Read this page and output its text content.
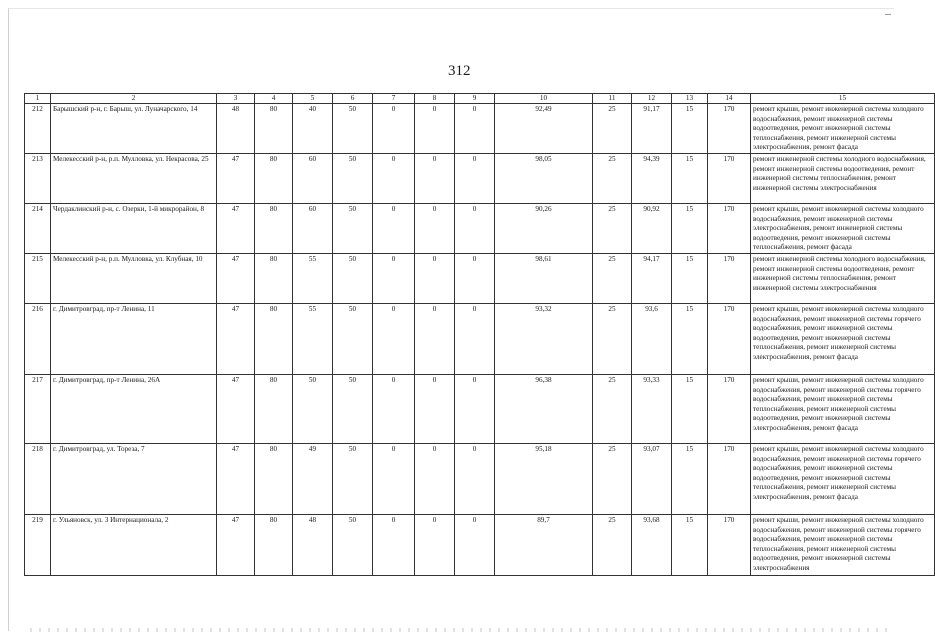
312
1	2	3	4	5	6	7	8	9	10	11	12	13	14	15
212	Барышский р-н, г. Барыш, ул. Луначарского, 14	48	80	40	50	0	0	0	92,49	25	91,17	15	170	ремонт крыши, ремонт инженерной системы холодного водоснабжения, ремонт инженерной системы водоотведения, ремонт инженерной системы теплоснабжения, ремонт инженерной системы электроснабжения, ремонт фасада
213	Мелекесский р-н, р.п. Мулловка, ул. Некрасова, 25	47	80	60	50	0	0	0	98,05	25	94,39	15	170	ремонт инженерной системы холодного водоснабжения, ремонт инженерной системы водоотведения, ремонт инженерной системы теплоснабжения, ремонт инженерной системы электроснабжения
214	Чердаклинский р-н, с. Озерки, 1-й микрорайон, 8	47	80	60	50	0	0	0	90,26	25	90,92	15	170	ремонт крыши, ремонт инженерной системы холодного водоснабжения, ремонт инженерной системы электроснабжения, ремонт инженерной системы водоотведения, ремонт инженерной системы теплоснабжения, ремонт фасада
215	Мелекесский р-н, р.п. Мулловка, ул. Клубная, 10	47	80	55	50	0	0	0	98,61	25	94,17	15	170	ремонт инженерной системы холодного водоснабжения, ремонт инженерной системы водоотведения, ремонт инженерной системы теплоснабжения, ремонт инженерной системы электроснабжения
216	г. Димитровград, пр-т Ленина, 11	47	80	55	50	0	0	0	93,32	25	93,6	15	170	ремонт крыши, ремонт инженерной системы холодного водоснабжения, ремонт инженерной системы горячего водоснабжения, ремонт инженерной системы водоотведения, ремонт инженерной системы теплоснабжения, ремонт инженерной системы электроснабжения, ремонт фасада
217	г. Димитровград, пр-т Ленина, 26А	47	80	50	50	0	0	0	96,38	25	93,33	15	170	ремонт крыши, ремонт инженерной системы холодного водоснабжения, ремонт инженерной системы горячего водоснабжения, ремонт инженерной системы теплоснабжения, ремонт инженерной системы водоотведения, ремонт инженерной системы электроснабжения, ремонт фасада
218	г. Димитровград, ул. Тореза, 7	47	80	49	50	0	0	0	95,18	25	93,07	15	170	ремонт крыши, ремонт инженерной системы холодного водоснабжения, ремонт инженерной системы горячего водоснабжения, ремонт инженерной системы водоотведения, ремонт инженерной системы теплоснабжения, ремонт инженерной системы электроснабжения, ремонт фасада
219	г. Ульяновск, ул. 3 Интернационала, 2	47	80	48	50	0	0	0	89,7	25	93,68	15	170	ремонт крыши, ремонт инженерной системы холодного водоснабжения, ремонт инженерной системы горячего водоснабжения, ремонт инженерной системы теплоснабжения, ремонт инженерной системы водоотведения, ремонт инженерной системы электроснабжения
